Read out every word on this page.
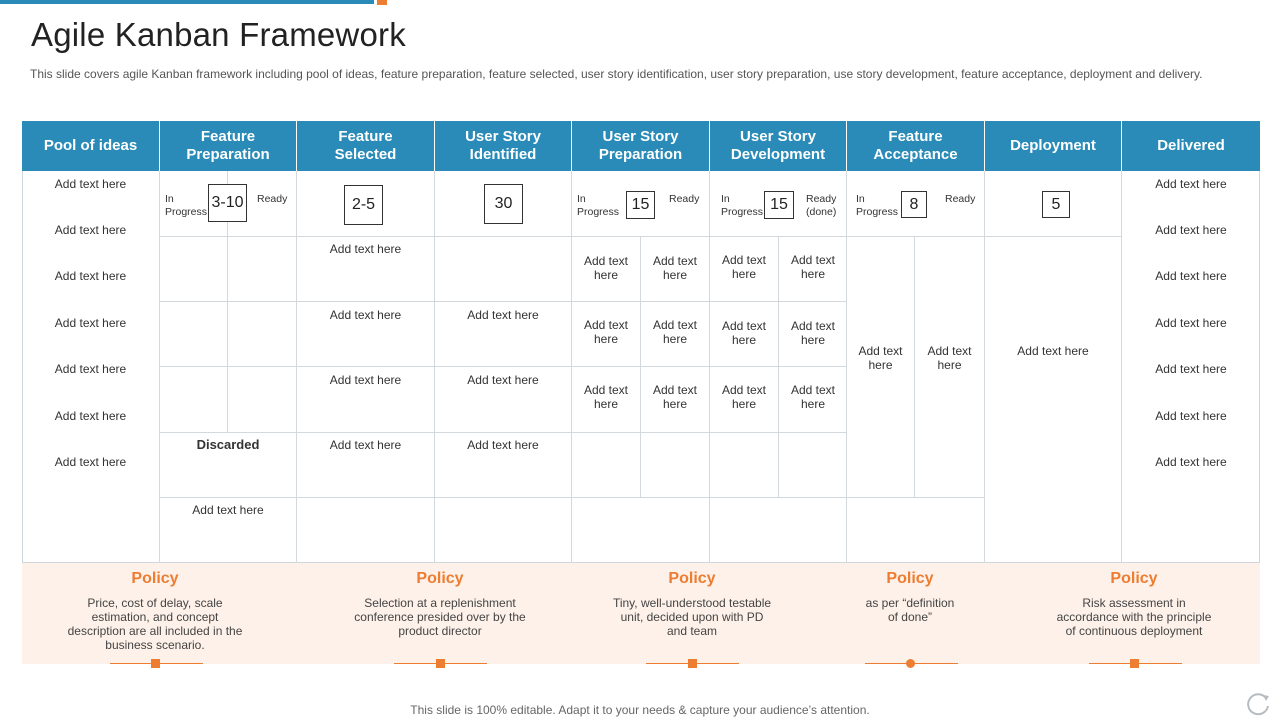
Agile Kanban Framework
This slide covers agile Kanban framework including pool of ideas, feature preparation, feature selected, user story identification, user story preparation, use story development, feature acceptance, deployment and delivery.
Pool of ideas
Feature
Preparation
Feature
Selected
User Story
Identified
User Story
Preparation
User Story
Development
Feature
Acceptance
Deployment	Delivered
Add text here
Add text here
Add text here
Add text here
Add text here
Add text here
Add text here
In
Progress
Ready
3-10
Discarded
Add text here
2-5
Add text here
Add text here
Add text here
Add text here
30
Add text here
Add text here
Add text here
In
Progress
Ready
15
Add text
here
Add text
here
Add text
here
Add text
here
Add text
here
Add text
here
In
Progress
Ready
(done)
15
Add text
here
Add text
here
Add text
here
Add text
here
Add text
here
Add text
here
In
Progress
Ready
8
Add text
here
Add text
here
5
Add text here
Add text here
Add text here
Add text here
Add text here
Add text here
Add text here
Add text here
Policy
Price, cost of delay, scale
estimation, and concept
description are all included in the
business scenario.
Policy
Selection at a replenishment
conference presided over by the
product director
Policy
Tiny, well-understood testable
unit, decided upon with PD
and team
Policy
as per “definition
of done”
Policy
Risk assessment in
accordance with the principle
of continuous deployment
This slide is 100% editable. Adapt it to your needs & capture your audience’s attention.
